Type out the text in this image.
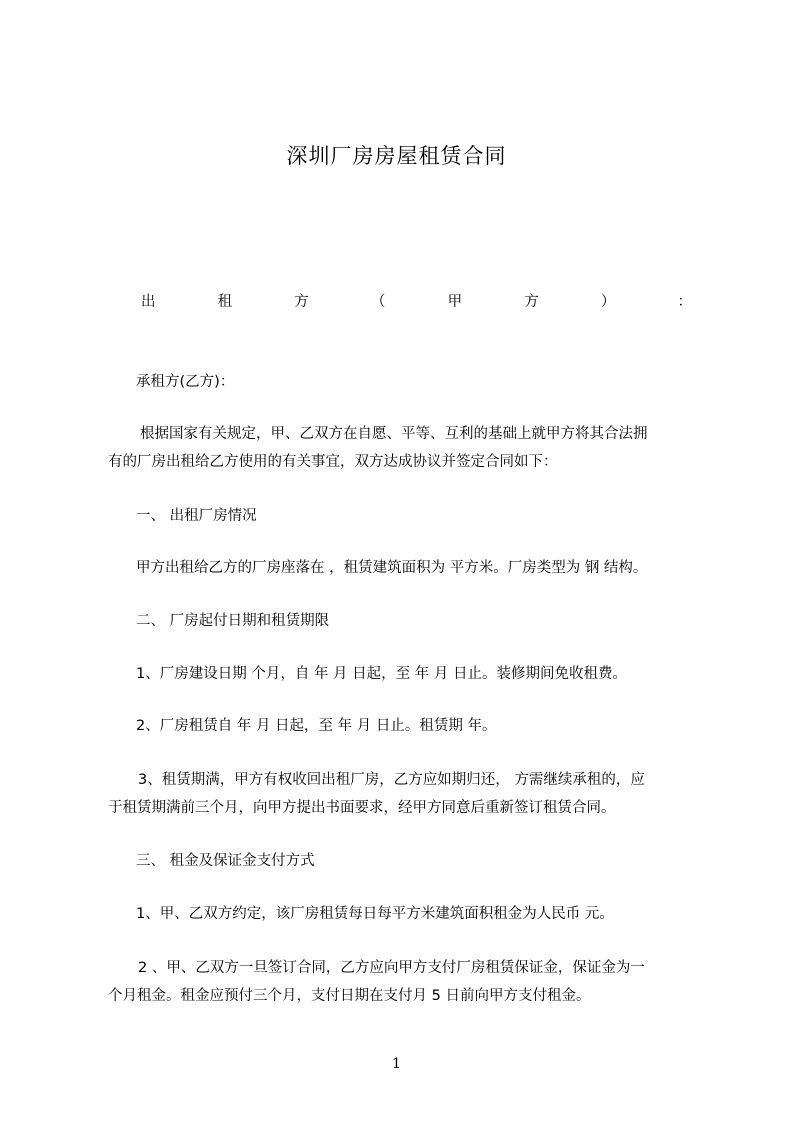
深圳厂房房屋租赁合同
出	租	方	（	甲	方	）	：
承租方(乙方)：
根据国家有关规定，甲、乙双方在自愿、平等、互利的基础上就甲方将其合法拥
有的厂房出租给乙方使用的有关事宜，双方达成协议并签定合同如下：
一、 出租厂房情况
甲方出租给乙方的厂房座落在 ，租赁建筑面积为 平方米。厂房类型为 钢 结构。
二、 厂房起付日期和租赁期限
1、厂房建设日期 个月，自 年 月 日起，至 年 月 日止。装修期间免收租费。
2、厂房租赁自 年 月 日起，至 年 月 日止。租赁期 年。
3、租赁期满，甲方有权收回出租厂房，乙方应如期归还， 方需继续承租的，应
于租赁期满前三个月，向甲方提出书面要求，经甲方同意后重新签订租赁合同。
三、 租金及保证金支付方式
1、甲、乙双方约定，该厂房租赁每日每平方米建筑面积租金为人民币 元。
2 、甲、乙双方一旦签订合同，乙方应向甲方支付厂房租赁保证金，保证金为一
个月租金。租金应预付三个月，支付日期在支付月 5 日前向甲方支付租金。
1
